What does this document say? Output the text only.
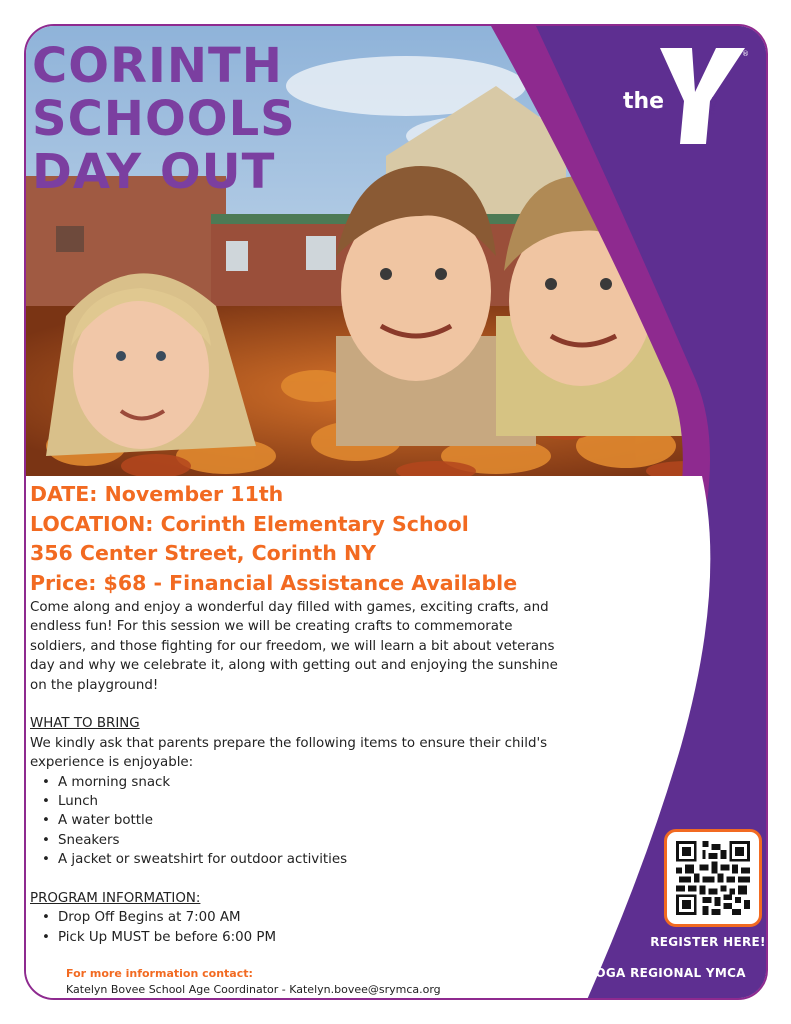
CORINTH
SCHOOLS
DAY OUT
the	YMCA
®
DATE: November 11th
LOCATION: Corinth Elementary School
356 Center Street, Corinth NY
Price: $68 - Financial Assistance Available

Come along and enjoy a wonderful day filled with games, exciting crafts, and endless fun! For this session we will be creating crafts to commemorate soldiers, and those fighting for our freedom, we will learn a bit about veterans day and why we celebrate it, along with getting out and enjoying the sunshine on the playground!

WHAT TO BRING

We kindly ask that parents prepare the following items to ensure their child's experience is enjoyable:

• A morning snack
• Lunch
• A water bottle
• Sneakers
• A jacket or sweatshirt for outdoor activities

PROGRAM INFORMATION:

• Drop Off Begins at 7:00 AM
• Pick Up MUST be before 6:00 PM
For more information contact:
Katelyn Bovee School Age Coordinator - Katelyn.bovee@srymca.org
REGISTER HERE!
SARATOGA REGIONAL YMCA
